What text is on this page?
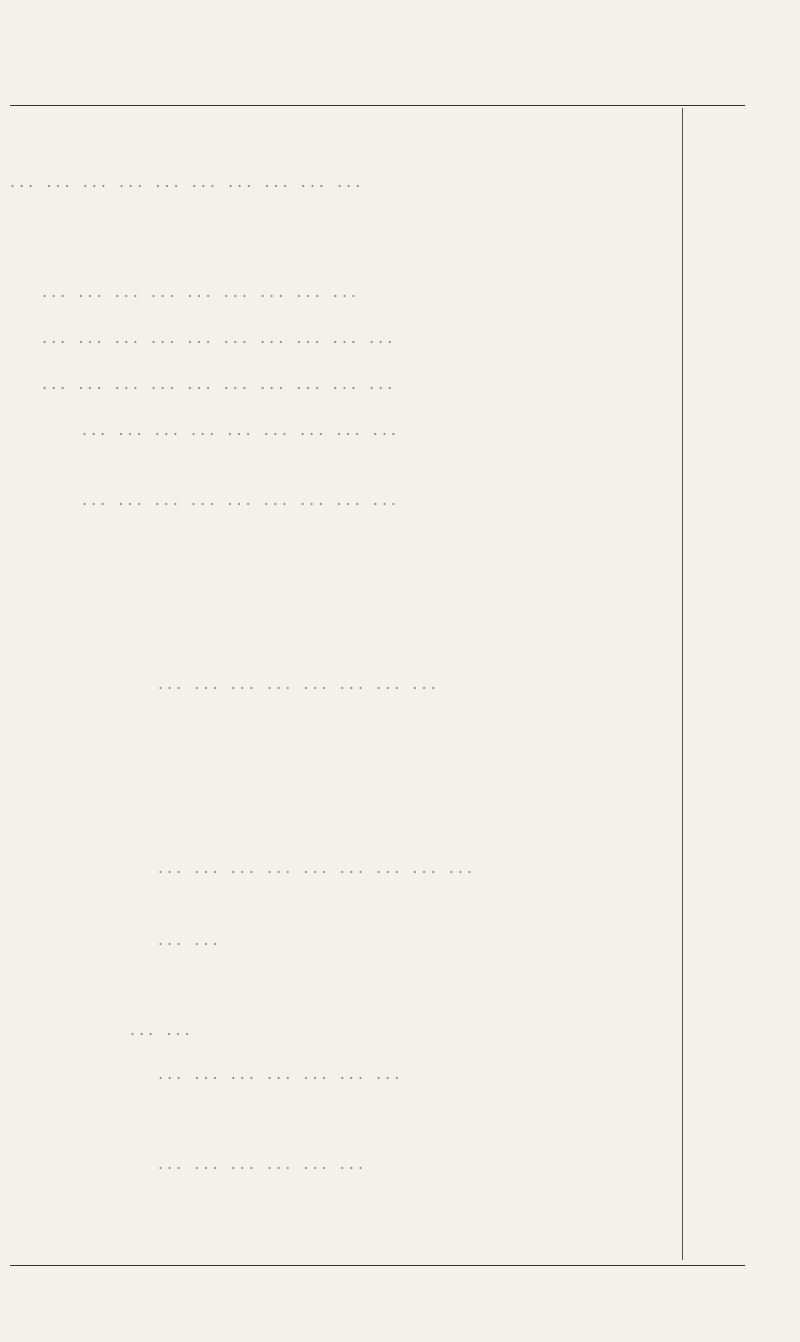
... ... ... ... ... ... ... ... ... ...
... ... ... ... ... ... ... ... ...
... ... ... ... ... ... ... ... ... ...
... ... ... ... ... ... ... ... ... ...
... ... ... ... ... ... ... ... ...
... ... ... ... ... ... ... ... ...
... ... ... ... ... ... ... ...
... ... ... ... ... ... ... ... ...
... ...
... ...
... ... ... ... ... ... ...
... ... ... ... ... ...
